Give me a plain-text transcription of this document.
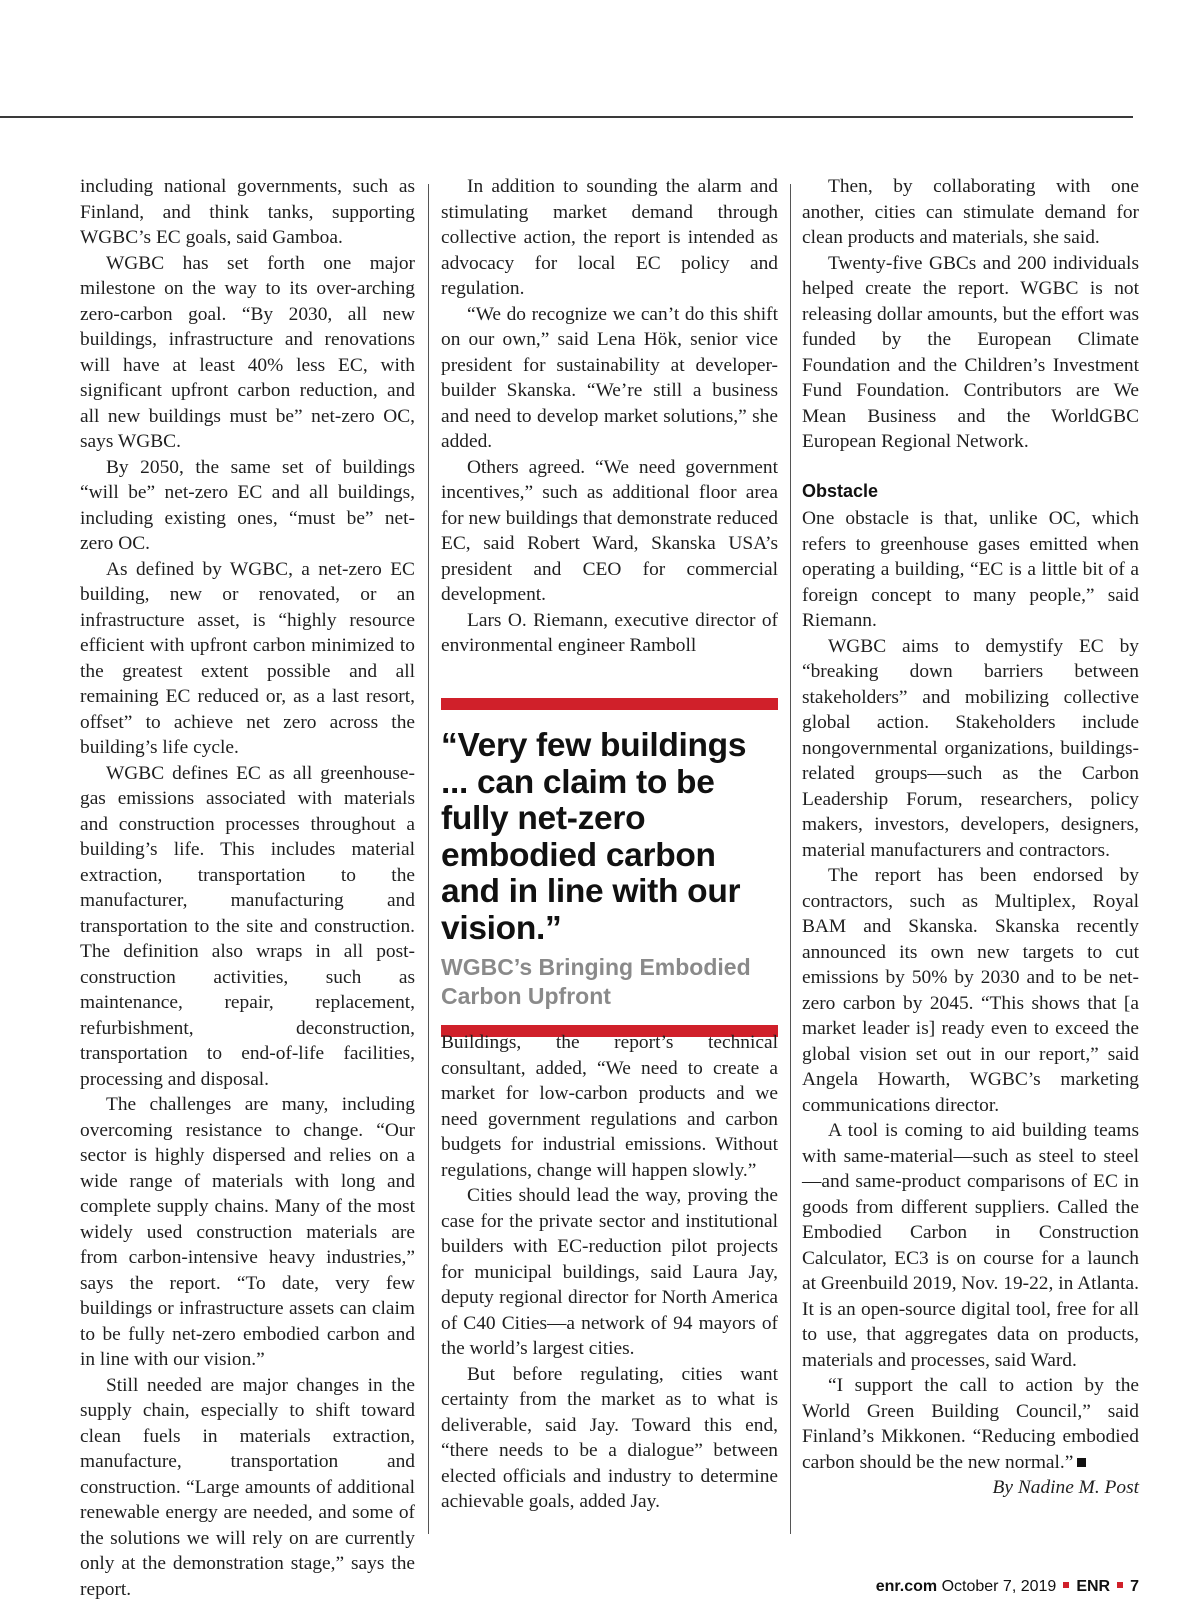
including national governments, such as Finland, and think tanks, supporting WGBC’s EC goals, said Gamboa.

WGBC has set forth one major milestone on the way to its over-arching zero-carbon goal. “By 2030, all new buildings, infrastructure and renovations will have at least 40% less EC, with significant upfront carbon reduction, and all new buildings must be” net-zero OC, says WGBC.

By 2050, the same set of buildings “will be” net-zero EC and all buildings, including existing ones, “must be” net-zero OC.

As defined by WGBC, a net-zero EC building, new or renovated, or an infrastructure asset, is “highly resource efficient with upfront carbon minimized to the greatest extent possible and all remaining EC reduced or, as a last resort, offset” to achieve net zero across the building’s life cycle.

WGBC defines EC as all greenhouse-gas emissions associated with materials and construction processes throughout a building’s life. This includes material extraction, transportation to the manufacturer, manufacturing and transportation to the site and construction. The definition also wraps in all post-construction activities, such as maintenance, repair, replacement, refurbishment, deconstruction, transportation to end-of-life facilities, processing and disposal.

The challenges are many, including overcoming resistance to change. “Our sector is highly dispersed and relies on a wide range of materials with long and complete supply chains. Many of the most widely used construction materials are from carbon-intensive heavy industries,” says the report. “To date, very few buildings or infrastructure assets can claim to be fully net-zero embodied carbon and in line with our vision.”

Still needed are major changes in the supply chain, especially to shift toward clean fuels in materials extraction, manufacture, transportation and construction. “Large amounts of additional renewable energy are needed, and some of the solutions we will rely on are currently only at the demonstration stage,” says the report.

In addition to sounding the alarm and stimulating market demand through collective action, the report is intended as advocacy for local EC policy and regulation.

“We do recognize we can’t do this shift on our own,” said Lena Hök, senior vice president for sustainability at developer-builder Skanska. “We’re still a business and need to develop market solutions,” she added.

Others agreed. “We need government incentives,” such as additional floor area for new buildings that demonstrate reduced EC, said Robert Ward, Skanska USA’s president and CEO for commercial development.

Lars O. Riemann, executive director of environmental engineer Ramboll

“Very few buildings ... can claim to be fully net-zero embodied carbon and in line with our vision.”
WGBC’s Bringing Embodied Carbon Upfront

Buildings, the report’s technical consultant, added, “We need to create a market for low-carbon products and we need government regulations and carbon budgets for industrial emissions. Without regulations, change will happen slowly.”

Cities should lead the way, proving the case for the private sector and institutional builders with EC-reduction pilot projects for municipal buildings, said Laura Jay, deputy regional director for North America of C40 Cities—a network of 94 mayors of the world’s largest cities.

But before regulating, cities want certainty from the market as to what is deliverable, said Jay. Toward this end, “there needs to be a dialogue” between elected officials and industry to determine achievable goals, added Jay.

Then, by collaborating with one another, cities can stimulate demand for clean products and materials, she said.

Twenty-five GBCs and 200 individuals helped create the report. WGBC is not releasing dollar amounts, but the effort was funded by the European Climate Foundation and the Children’s Investment Fund Foundation. Contributors are We Mean Business and the WorldGBC European Regional Network.

Obstacle

One obstacle is that, unlike OC, which refers to greenhouse gases emitted when operating a building, “EC is a little bit of a foreign concept to many people,” said Riemann.

WGBC aims to demystify EC by “breaking down barriers between stakeholders” and mobilizing collective global action. Stakeholders include nongovernmental organizations, buildings-related groups—such as the Carbon Leadership Forum, researchers, policy makers, investors, developers, designers, material manufacturers and contractors.

The report has been endorsed by contractors, such as Multiplex, Royal BAM and Skanska. Skanska recently announced its own new targets to cut emissions by 50% by 2030 and to be net-zero carbon by 2045. “This shows that [a market leader is] ready even to exceed the global vision set out in our report,” said Angela Howarth, WGBC’s marketing communications director.

A tool is coming to aid building teams with same-material—such as steel to steel—and same-product comparisons of EC in goods from different suppliers. Called the Embodied Carbon in Construction Calculator, EC3 is on course for a launch at Greenbuild 2019, Nov. 19-22, in Atlanta. It is an open-source digital tool, free for all to use, that aggregates data on products, materials and processes, said Ward.

“I support the call to action by the World Green Building Council,” said Finland’s Mikkonen. “Reducing embodied carbon should be the new normal.”

By Nadine M. Post

enr.com October 7, 2019 ENR 7
